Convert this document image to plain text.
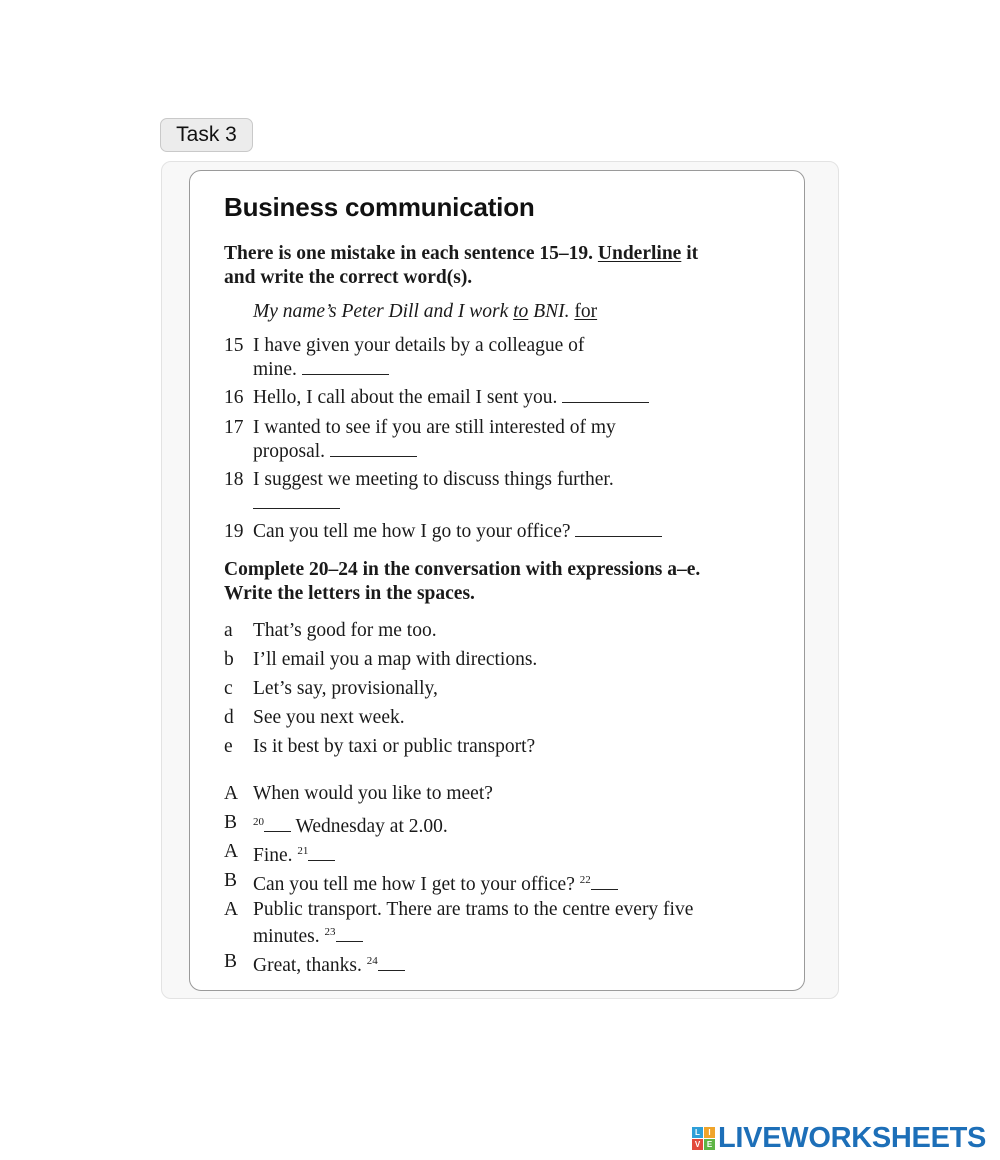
Task 3
Business communication
There is one mistake in each sentence 15–19. Underline it
and write the correct word(s).
My name’s Peter Dill and I work to BNI. for
15 I have given your details by a colleague of
mine.
16 Hello, I call about the email I sent you.
17 I wanted to see if you are still interested of my
proposal.
18 I suggest we meeting to discuss things further.
19 Can you tell me how I go to your office?
Complete 20–24 in the conversation with expressions a–e.
Write the letters in the spaces.
a That’s good for me too.
b I’ll email you a map with directions.
c Let’s say, provisionally,
d See you next week.
e Is it best by taxi or public transport?
A When would you like to meet?
B $^{20}$ Wednesday at 2.00.
A Fine. $^{21}$
B Can you tell me how I get to your office? $^{22}$
A Public transport. There are trams to the centre every five
minutes. $^{23}$
B Great, thanks. $^{24}$
L	I
V E LIVEWORKSHEETS
